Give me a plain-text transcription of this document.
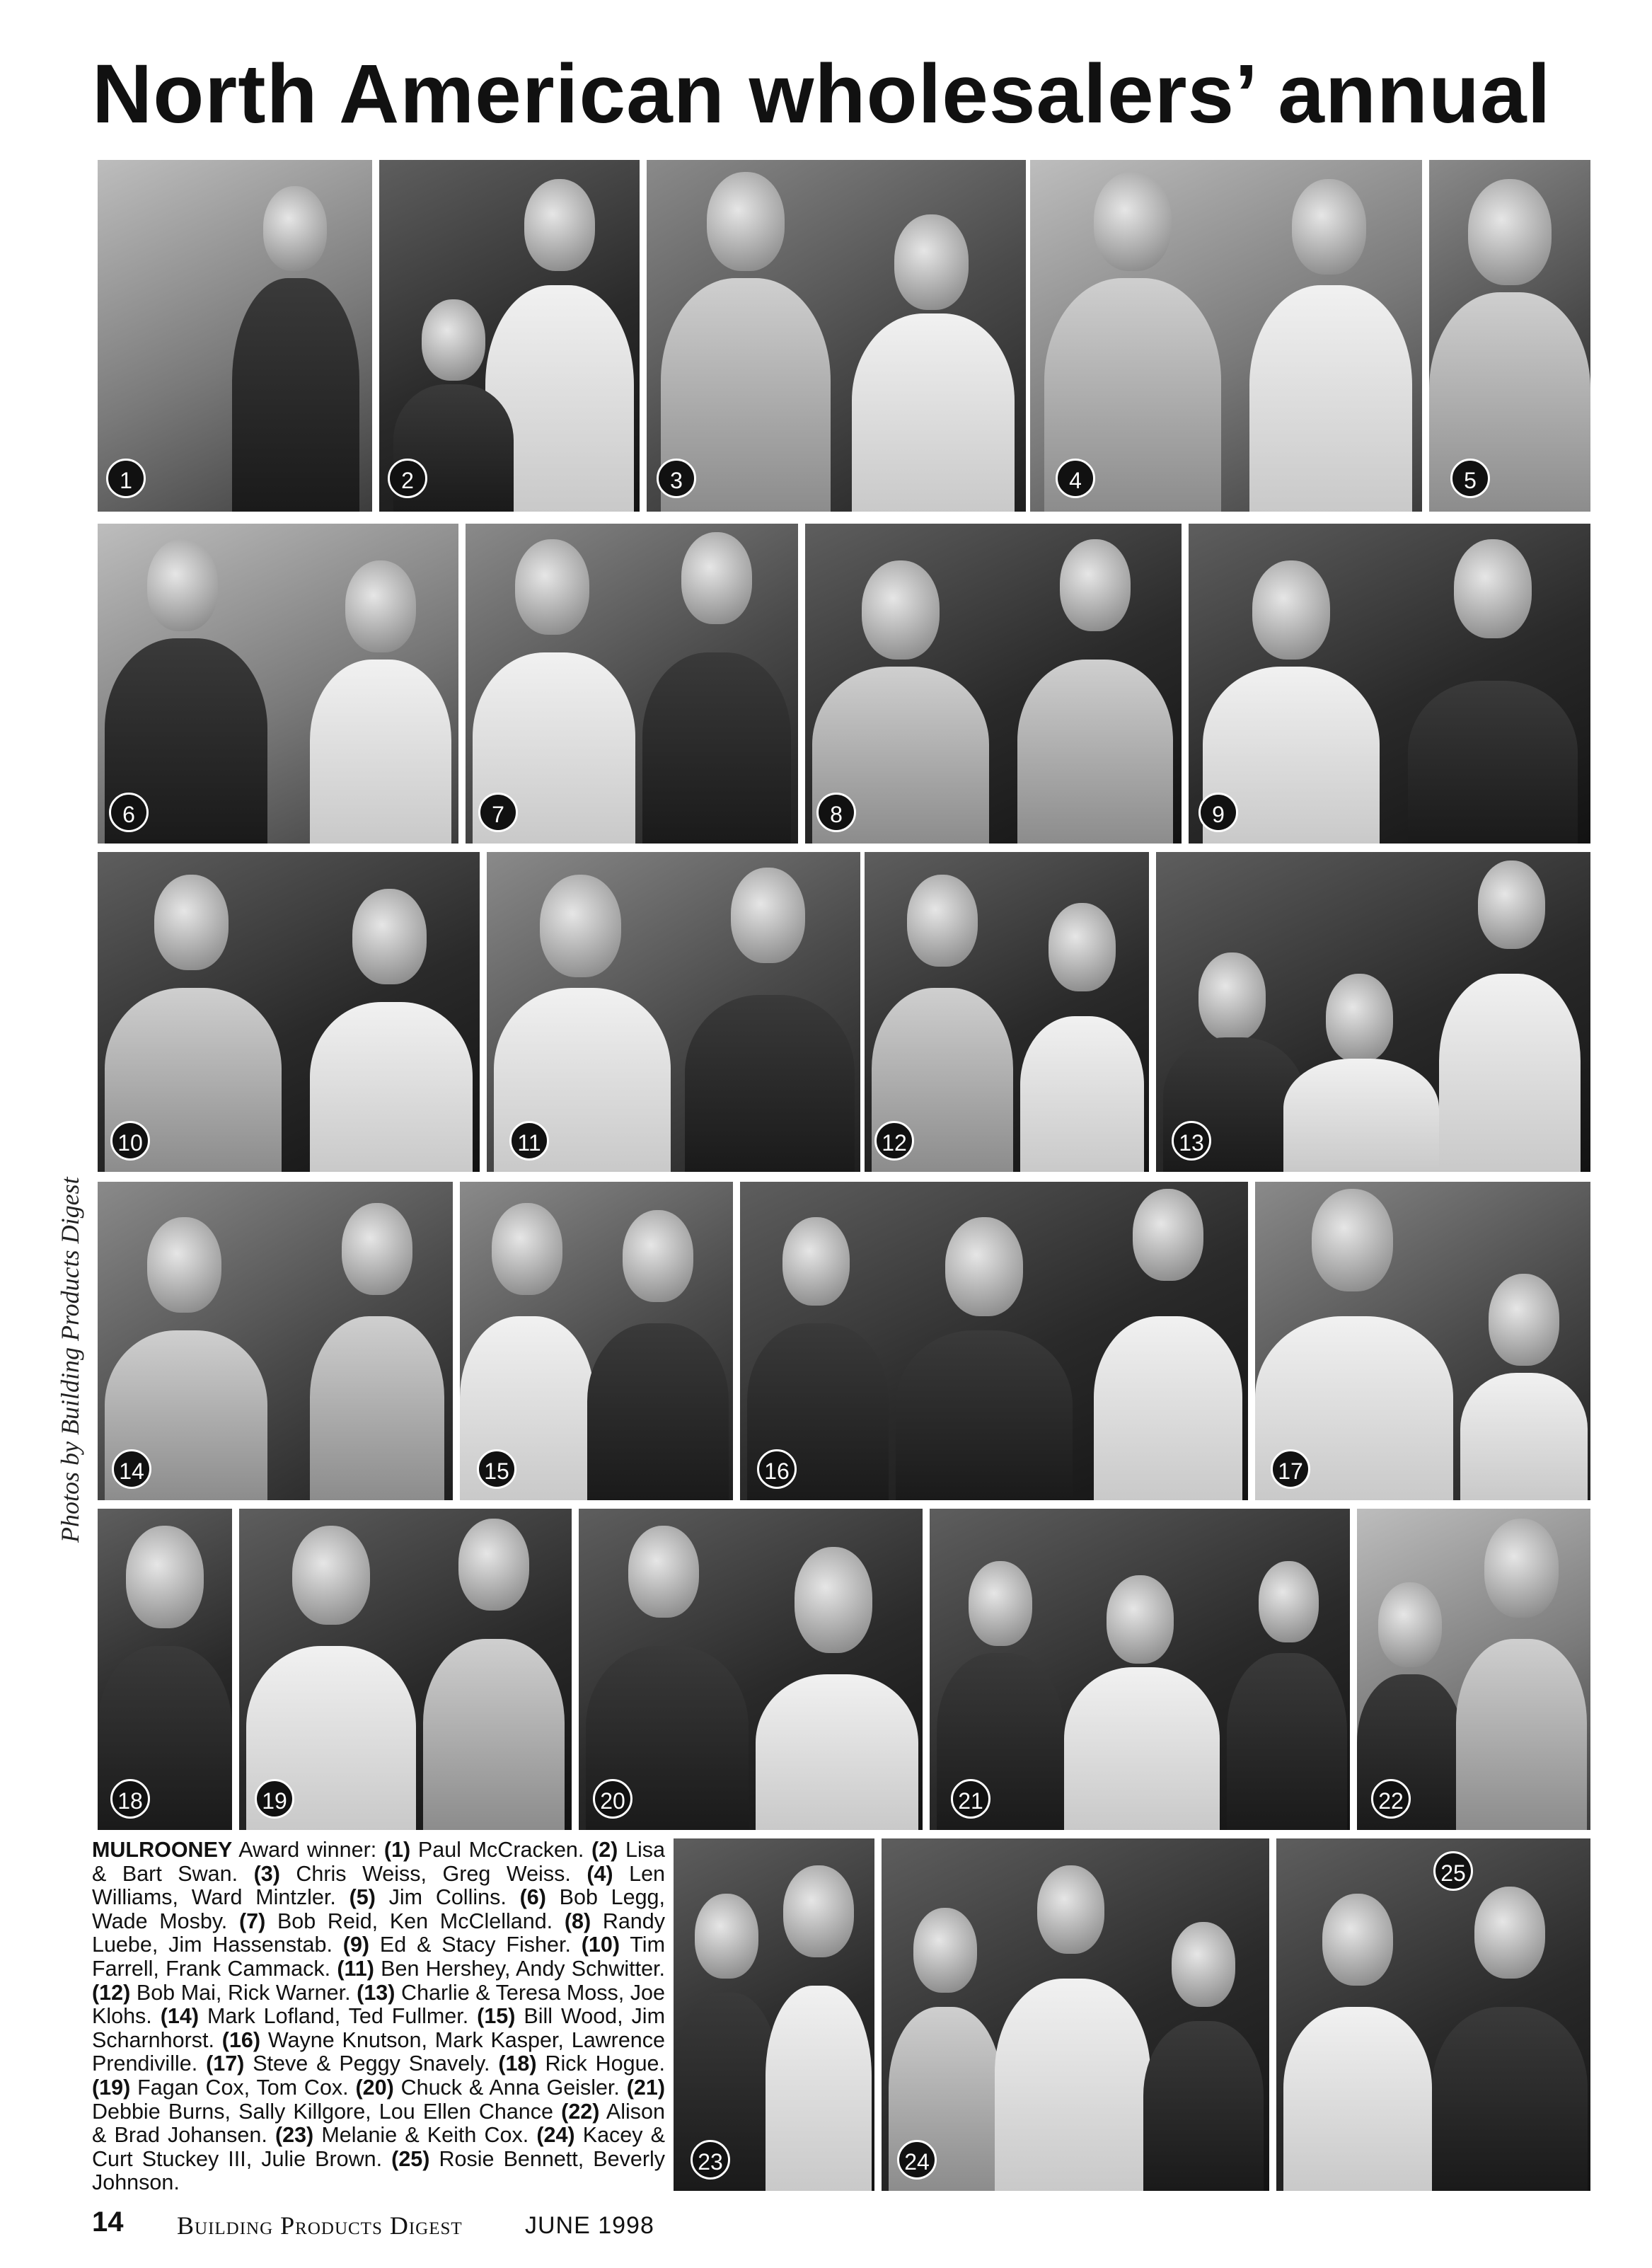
North American wholesalers’ annual
1	2	3	4	5
6	7	8	9
10	11	12	13
14	15	16	17
18	19	20	21	22
MULROONEY Award winner: (1) Paul McCracken. (2) Lisa & Bart Swan. (3) Chris Weiss, Greg Weiss. (4) Len Williams, Ward Mintzler. (5) Jim Collins. (6) Bob Legg, Wade Mosby. (7) Bob Reid, Ken McClelland. (8) Randy Luebe, Jim Hassenstab. (9) Ed & Stacy Fisher. (10) Tim Farrell, Frank Cammack. (11) Ben Hershey, Andy Schwitter. (12) Bob Mai, Rick Warner. (13) Charlie & Teresa Moss, Joe Klohs. (14) Mark Lofland, Ted Fullmer. (15) Bill Wood, Jim Scharnhorst. (16) Wayne Knutson, Mark Kasper, Lawrence Prendiville. (17) Steve & Peggy Snavely. (18) Rick Hogue. (19) Fagan Cox, Tom Cox. (20) Chuck & Anna Geisler. (21) Debbie Burns, Sally Killgore, Lou Ellen Chance (22) Alison & Brad Johansen. (23) Melanie & Keith Cox. (24) Kacey & Curt Stuckey III, Julie Brown. (25) Rosie Bennett, Beverly Johnson.
23	24
25
Photos by Building Products Digest
14 Building Products Digest	JUNE 1998
